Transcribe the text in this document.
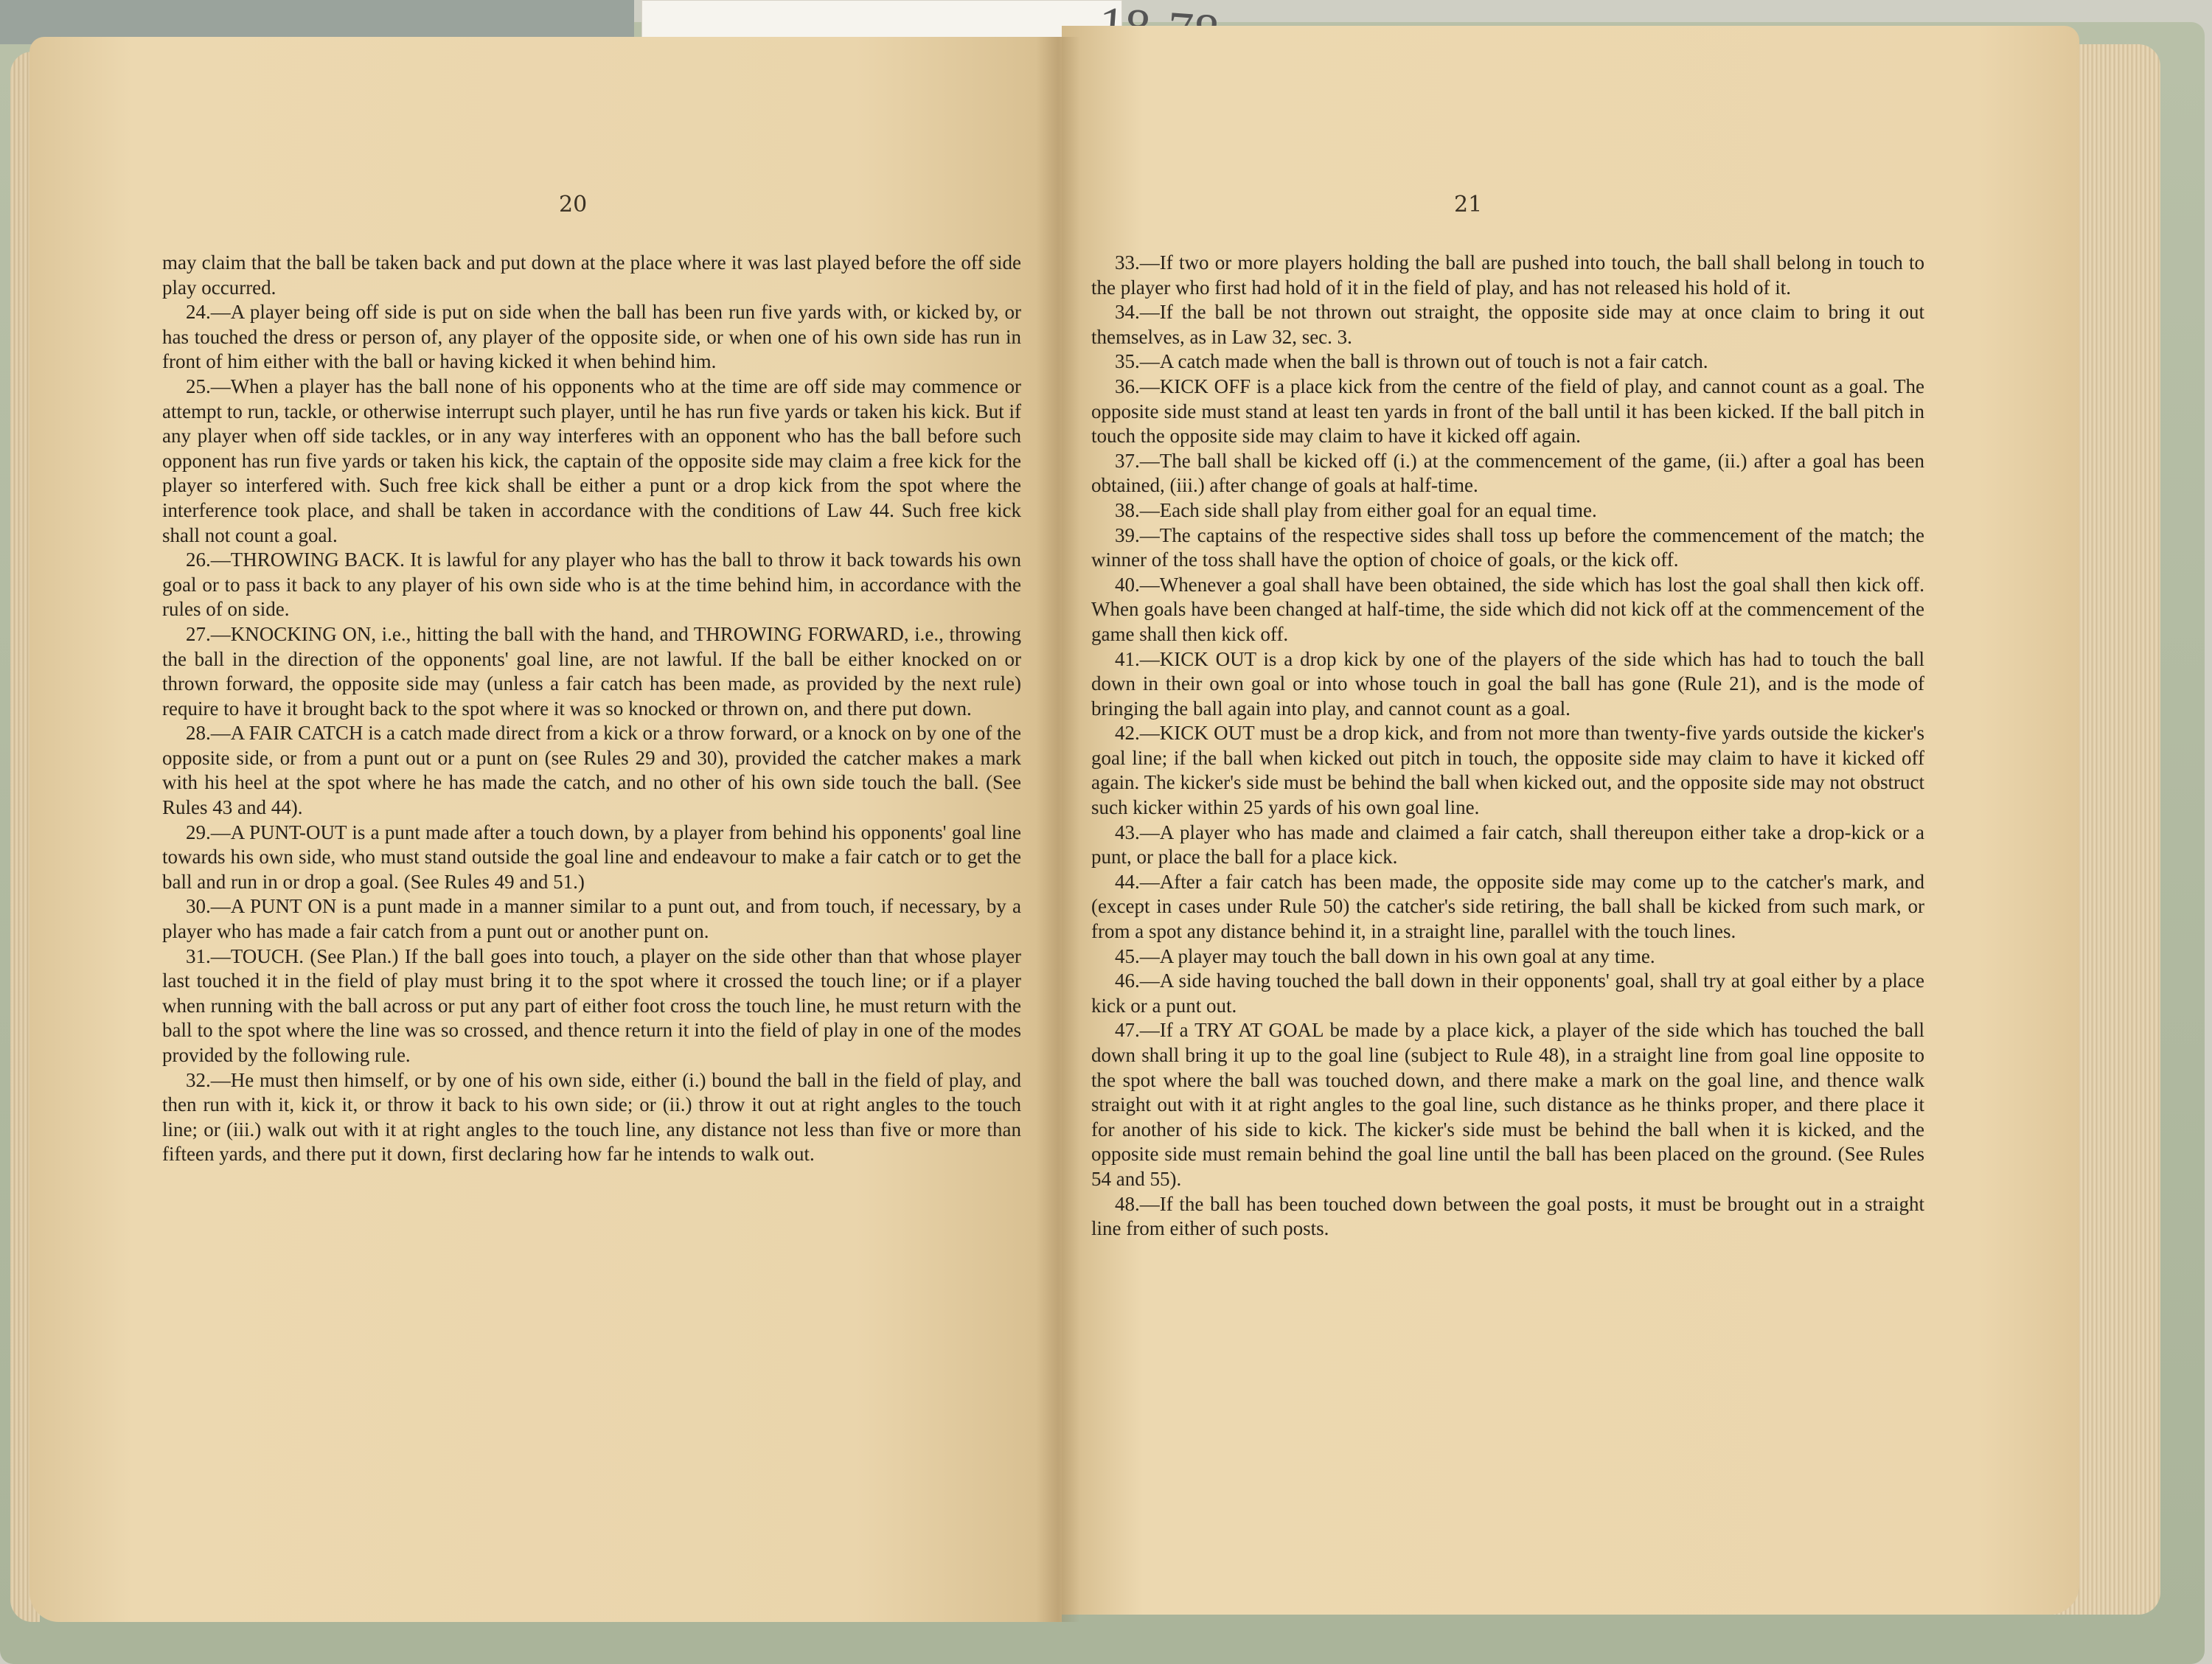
20

may claim that the ball be taken back and put down at the place where it was last played before the off side play occurred.

24.—A player being off side is put on side when the ball has been run five yards with, or kicked by, or has touched the dress or person of, any player of the opposite side, or when one of his own side has run in front of him either with the ball or having kicked it when behind him.

25.—When a player has the ball none of his opponents who at the time are off side may commence or attempt to run, tackle, or otherwise interrupt such player, until he has run five yards or taken his kick. But if any player when off side tackles, or in any way interferes with an opponent who has the ball before such opponent has run five yards or taken his kick, the captain of the opposite side may claim a free kick for the player so interfered with. Such free kick shall be either a punt or a drop kick from the spot where the interference took place, and shall be taken in accordance with the conditions of Law 44. Such free kick shall not count a goal.

26.—THROWING BACK. It is lawful for any player who has the ball to throw it back towards his own goal or to pass it back to any player of his own side who is at the time behind him, in accordance with the rules of on side.

27.—KNOCKING ON, i.e., hitting the ball with the hand, and THROWING FORWARD, i.e., throwing the ball in the direction of the opponents' goal line, are not lawful. If the ball be either knocked on or thrown forward, the opposite side may (unless a fair catch has been made, as provided by the next rule) require to have it brought back to the spot where it was so knocked or thrown on, and there put down.

28.—A FAIR CATCH is a catch made direct from a kick or a throw forward, or a knock on by one of the opposite side, or from a punt out or a punt on (see Rules 29 and 30), provided the catcher makes a mark with his heel at the spot where he has made the catch, and no other of his own side touch the ball. (See Rules 43 and 44).

29.—A PUNT-OUT is a punt made after a touch down, by a player from behind his opponents' goal line towards his own side, who must stand outside the goal line and endeavour to make a fair catch or to get the ball and run in or drop a goal. (See Rules 49 and 51.)

30.—A PUNT ON is a punt made in a manner similar to a punt out, and from touch, if necessary, by a player who has made a fair catch from a punt out or another punt on.

31.—TOUCH. (See Plan.) If the ball goes into touch, a player on the side other than that whose player last touched it in the field of play must bring it to the spot where it crossed the touch line; or if a player when running with the ball across or put any part of either foot cross the touch line, he must return with the ball to the spot where the line was so crossed, and thence return it into the field of play in one of the modes provided by the following rule.

32.—He must then himself, or by one of his own side, either (i.) bound the ball in the field of play, and then run with it, kick it, or throw it back to his own side; or (ii.) throw it out at right angles to the touch line; or (iii.) walk out with it at right angles to the touch line, any distance not less than five or more than fifteen yards, and there put it down, first declaring how far he intends to walk out.

21

33.—If two or more players holding the ball are pushed into touch, the ball shall belong in touch to the player who first had hold of it in the field of play, and has not released his hold of it.

34.—If the ball be not thrown out straight, the opposite side may at once claim to bring it out themselves, as in Law 32, sec. 3.

35.—A catch made when the ball is thrown out of touch is not a fair catch.

36.—KICK OFF is a place kick from the centre of the field of play, and cannot count as a goal. The opposite side must stand at least ten yards in front of the ball until it has been kicked. If the ball pitch in touch the opposite side may claim to have it kicked off again.

37.—The ball shall be kicked off (i.) at the commencement of the game, (ii.) after a goal has been obtained, (iii.) after change of goals at half-time.

38.—Each side shall play from either goal for an equal time.

39.—The captains of the respective sides shall toss up before the commencement of the match; the winner of the toss shall have the option of choice of goals, or the kick off.

40.—Whenever a goal shall have been obtained, the side which has lost the goal shall then kick off. When goals have been changed at half-time, the side which did not kick off at the commencement of the game shall then kick off.

41.—KICK OUT is a drop kick by one of the players of the side which has had to touch the ball down in their own goal or into whose touch in goal the ball has gone (Rule 21), and is the mode of bringing the ball again into play, and cannot count as a goal.

42.—KICK OUT must be a drop kick, and from not more than twenty-five yards outside the kicker's goal line; if the ball when kicked out pitch in touch, the opposite side may claim to have it kicked off again. The kicker's side must be behind the ball when kicked out, and the opposite side may not obstruct such kicker within 25 yards of his own goal line.

43.—A player who has made and claimed a fair catch, shall thereupon either take a drop-kick or a punt, or place the ball for a place kick.

44.—After a fair catch has been made, the opposite side may come up to the catcher's mark, and (except in cases under Rule 50) the catcher's side retiring, the ball shall be kicked from such mark, or from a spot any distance behind it, in a straight line, parallel with the touch lines.

45.—A player may touch the ball down in his own goal at any time.

46.—A side having touched the ball down in their opponents' goal, shall try at goal either by a place kick or a punt out.

47.—If a TRY AT GOAL be made by a place kick, a player of the side which has touched the ball down shall bring it up to the goal line (subject to Rule 48), in a straight line from goal line opposite to the spot where the ball was touched down, and there make a mark on the goal line, and thence walk straight out with it at right angles to the goal line, such distance as he thinks proper, and there place it for another of his side to kick. The kicker's side must be behind the ball when it is kicked, and the opposite side must remain behind the goal line until the ball has been placed on the ground. (See Rules 54 and 55).

48.—If the ball has been touched down between the goal posts, it must be brought out in a straight line from either of such posts.
